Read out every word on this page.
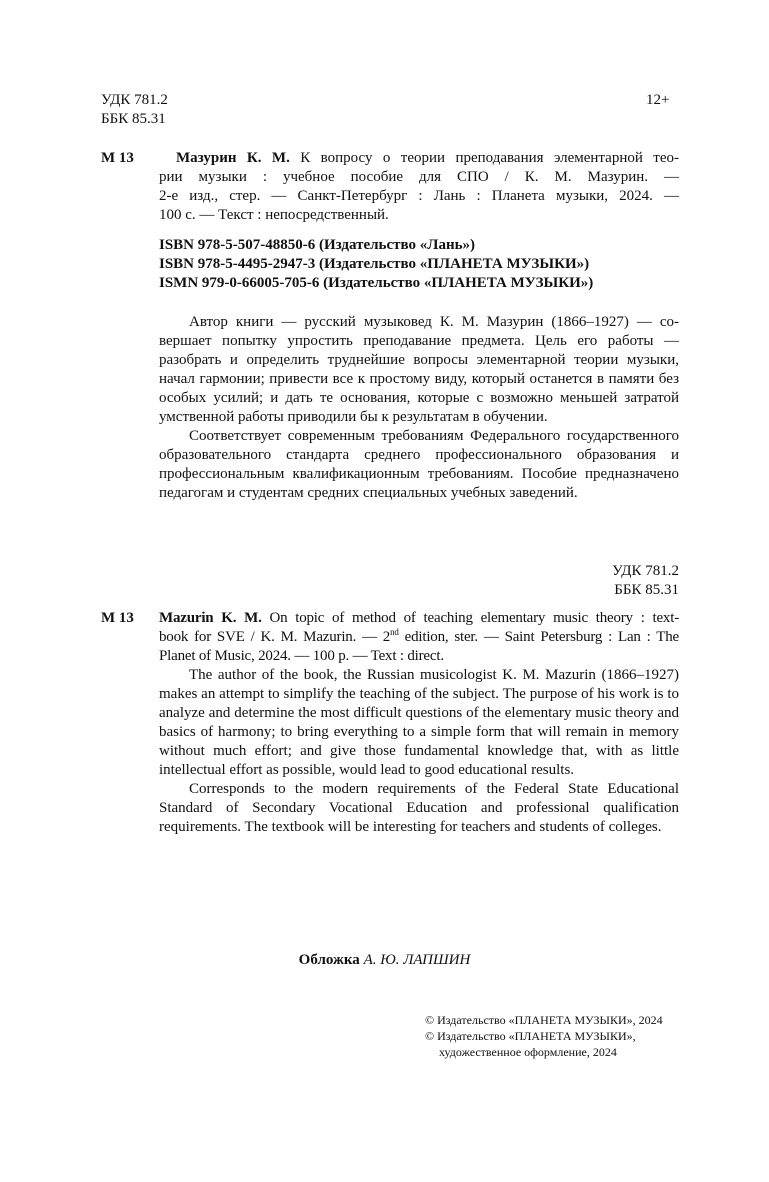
УДК 781.2
ББК 85.31
12+
М 13	Мазурин К. М. К вопросу о теории преподавания элементарной тео-
рии музыки : учебное пособие для СПО / К. М. Мазурин. —
2-е изд., стер. — Санкт-Петербург : Лань : Планета музыки, 2024. —
100 с. — Текст : непосредственный.
ISBN 978-5-507-48850-6 (Издательство «Лань»)
ISBN 978-5-4495-2947-3 (Издательство «ПЛАНЕТА МУЗЫКИ»)
ISMN 979-0-66005-705-6 (Издательство «ПЛАНЕТА МУЗЫКИ»)
Автор книги — русский музыковед К. М. Мазурин (1866–1927) — совершает попытку упростить преподавание предмета. Цель его работы — разобрать и определить труднейшие вопросы элементарной теории музыки, начал гармонии; привести все к простому виду, который останется в памяти без особых усилий; и дать те основания, которые с возможно меньшей затратой умственной работы приводили бы к результатам в обучении.
Соответствует современным требованиям Федерального государственного образовательного стандарта среднего профессионального образования и профессиональным квалификационным требованиям. Пособие предназначено педагогам и студентам средних специальных учебных заведений.
УДК 781.2
ББК 85.31
M 13 Mazurin K. M. On topic of method of teaching elementary music theory : text-
book for SVE / K. M. Mazurin. — 2nd edition, ster. — Saint Petersburg : Lan : The
Planet of Music, 2024. — 100 p. — Text : direct.
The author of the book, the Russian musicologist K. M. Mazurin (1866–1927) makes an attempt to simplify the teaching of the subject. The purpose of his work is to analyze and determine the most difficult questions of the elementary music theory and basics of harmony; to bring everything to a simple form that will remain in memory without much effort; and give those fundamental knowledge that, with as little intellectual effort as possible, would lead to good educational results.
Corresponds to the modern requirements of the Federal State Educational Standard of Secondary Vocational Education and professional qualification requirements. The textbook will be interesting for teachers and students of colleges.
Обложка А. Ю. ЛАПШИН
© Издательство «ПЛАНЕТА МУЗЫКИ», 2024
© Издательство «ПЛАНЕТА МУЗЫКИ»,
художественное оформление, 2024
